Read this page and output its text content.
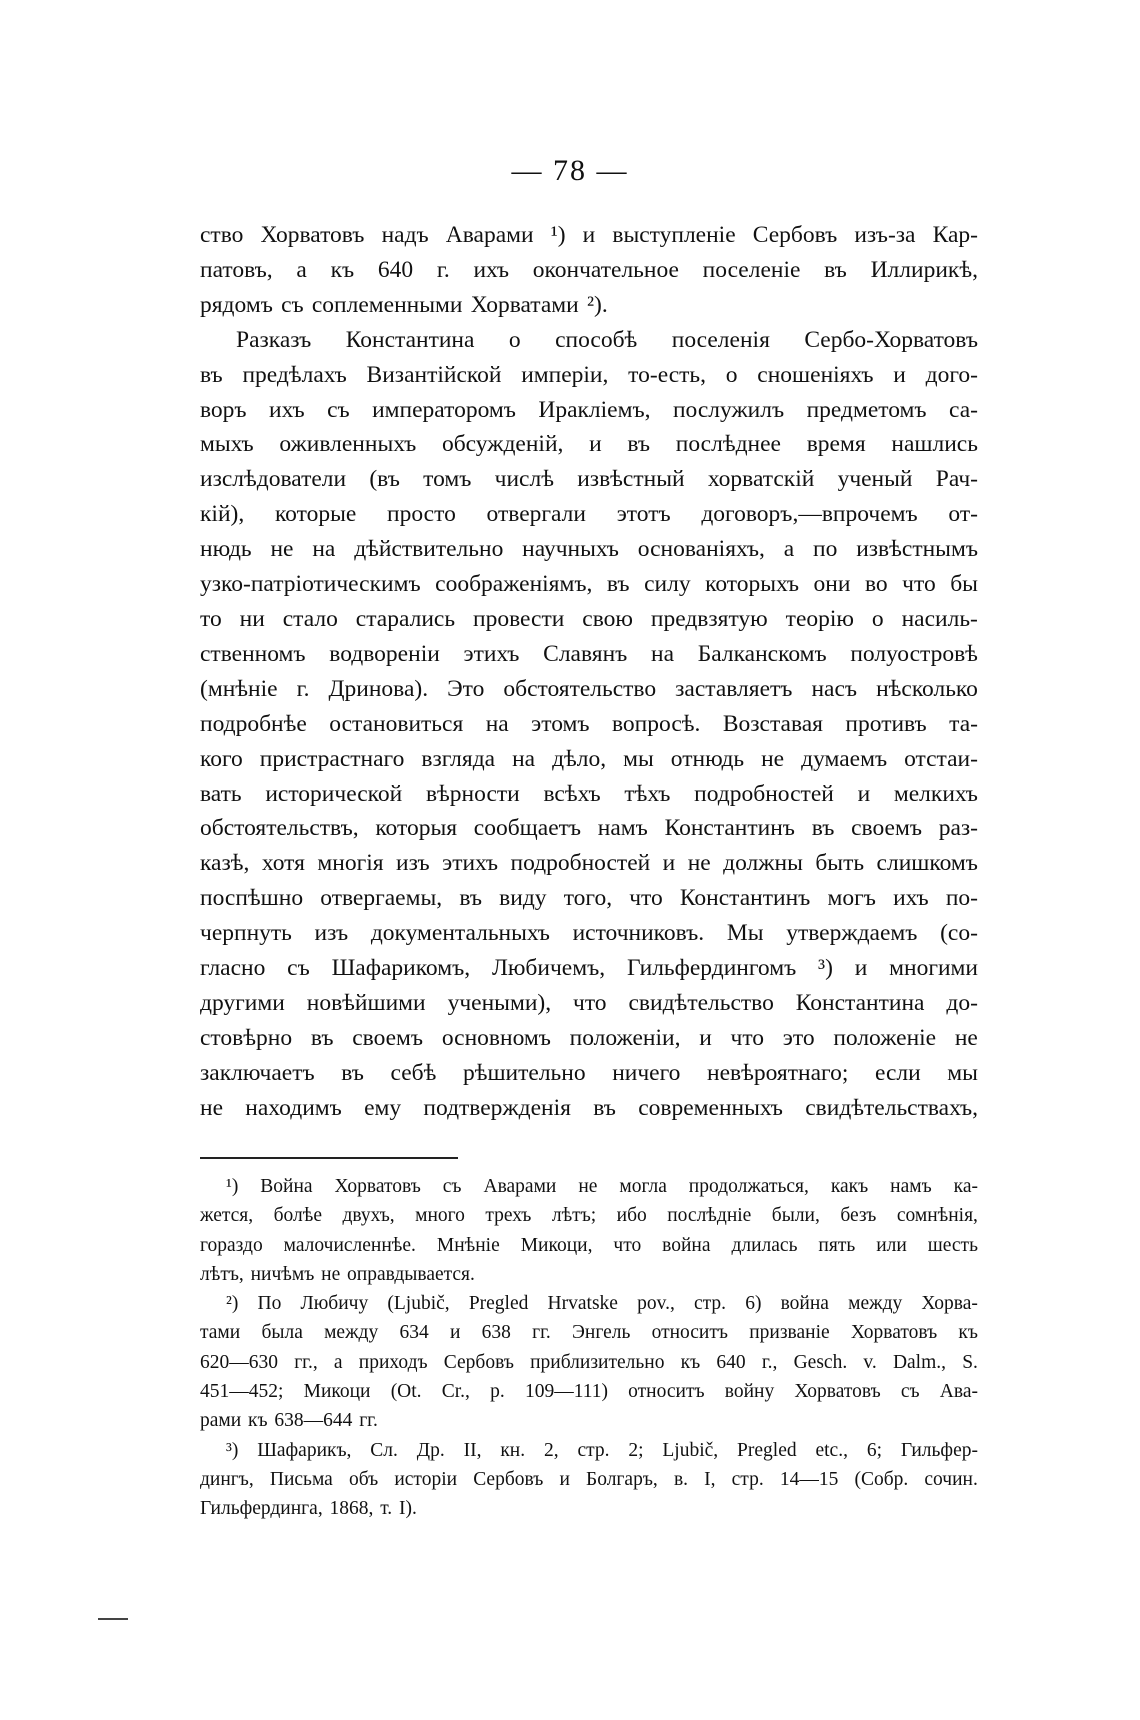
— 78 —
ство Хорватовъ надъ Аварами ¹) и выступленіе Сербовъ изъ-за Кар-
патовъ, а къ 640 г. ихъ окончательное поселеніе въ Иллирикѣ,
рядомъ съ соплеменными Хорватами ²).
Разказъ Константина о способѣ поселенія Сербо-Хорватовъ
въ предѣлахъ Византійской имперіи, то-есть, о сношеніяхъ и дого-
воръ ихъ съ императоромъ Ираклiемъ, послужилъ предметомъ са-
мыхъ оживленныхъ обсужденій, и въ послѣднее время нашлись
изслѣдователи (въ томъ числѣ извѣстный хорватскій ученый Рач-
кій), которые просто отвергали этотъ договоръ,—впрочемъ от-
нюдь не на дѣйствительно научныхъ основаніяхъ, а по извѣстнымъ
узко-патріотическимъ соображеніямъ, въ силу которыхъ они во что бы
то ни стало старались провести свою предвзятую теорію о насиль-
ственномъ водвореніи этихъ Славянъ на Балканскомъ полуостровѣ
(мнѣніе г. Дринова). Это обстоятельство заставляетъ насъ нѣсколько
подробнѣе остановиться на этомъ вопросѣ. Возставая противъ та-
кого пристрастнаго взгляда на дѣло, мы отнюдь не думаемъ отстаи-
вать исторической вѣрности всѣхъ тѣхъ подробностей и мелкихъ
обстоятельствъ, которыя сообщаетъ намъ Константинъ въ своемъ раз-
казѣ, хотя многія изъ этихъ подробностей и не должны быть слишкомъ
поспѣшно отвергаемы, въ виду того, что Константинъ могъ ихъ по-
черпнуть изъ документальныхъ источниковъ. Мы утверждаемъ (со-
гласно съ Шафарикомъ, Любичемъ, Гильфердингомъ ³) и многими
другими новѣйшими учеными), что свидѣтельство Константина до-
стовѣрно въ своемъ основномъ положеніи, и что это положеніе не
заключаетъ въ себѣ рѣшительно ничего невѣроятнаго; если мы
не находимъ ему подтвержденія въ современныхъ свидѣтельствахъ,
¹) Война Хорватовъ съ Аварами не могла продолжаться, какъ намъ ка-
жется, болѣе двухъ, много трехъ лѣтъ; ибо послѣдніе были, безъ сомнѣнія,
гораздо малочисленнѣе. Мнѣніе Микоци, что война длилась пять или шесть
лѣтъ, ничѣмъ не оправдывается.
²) По Любичу (Ljubič, Pregled Hrvatske pov., стр. 6) война между Хорва-
тами была между 634 и 638 гг. Энгель относитъ призваніе Хорватовъ къ
620—630 гг., а приходъ Сербовъ приблизительно къ 640 г., Gesch. v. Dalm., S.
451—452; Микоци (Ot. Cr., p. 109—111) относитъ войну Хорватовъ съ Ава-
рами къ 638—644 гг.
³) Шафарикъ, Сл. Др. II, кн. 2, стр. 2; Ljubič, Pregled etc., 6; Гильфер-
дингъ, Письма объ исторіи Сербовъ и Болгаръ, в. I, стр. 14—15 (Собр. сочин.
Гильфердинга, 1868, т. I).
